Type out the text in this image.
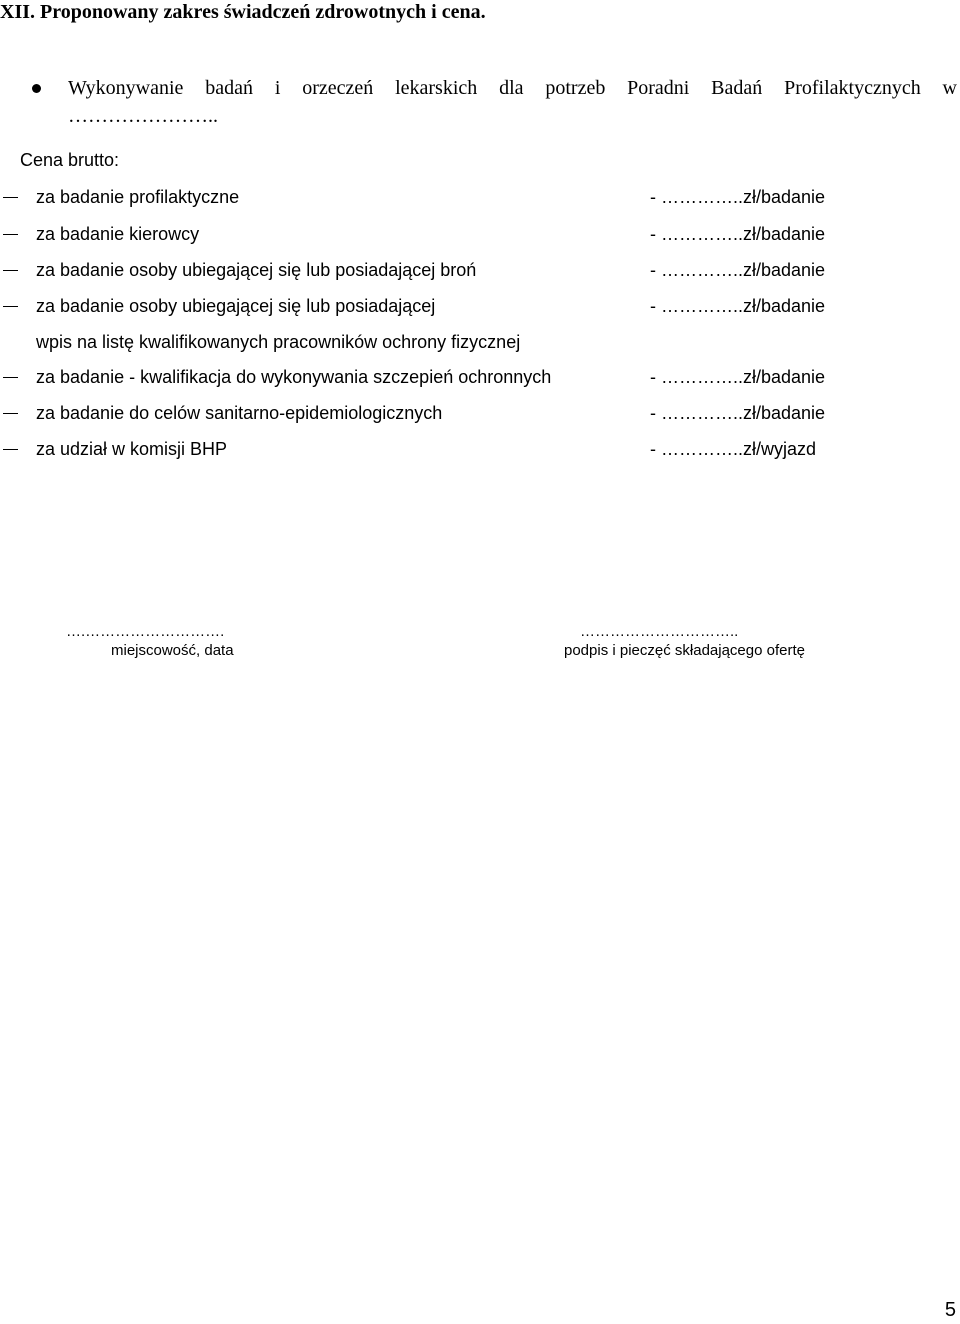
XII. Proponowany zakres świadczeń zdrowotnych i cena.
Wykonywanie badań i orzeczeń lekarskich dla potrzeb Poradni Badań Profilaktycznych w
…………………..
Cena brutto:
za badanie profilaktyczne	- …………..zł/badanie
za badanie kierowcy	- …………..zł/badanie
za badanie osoby ubiegającej się lub posiadającej broń	- …………..zł/badanie
za badanie osoby ubiegającej się lub posiadającej	- …………..zł/badanie
wpis na listę kwalifikowanych pracowników ochrony fizycznej
za badanie - kwalifikacja do wykonywania szczepień ochronnych	- …………..zł/badanie
za badanie do celów sanitarno-epidemiologicznych	- …………..zł/badanie
za udział w komisji BHP	- …………..zł/wyjazd
….……………………….
miejscowość, data
…………………………..
podpis i pieczęć składającego ofertę
5
